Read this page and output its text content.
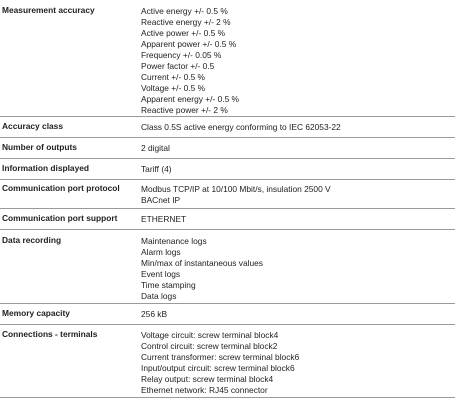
Measurement accuracy	Active energy +/- 0.5 %
Reactive energy +/- 2 %
Active power +/- 0.5 %
Apparent power +/- 0.5 %
Frequency +/- 0.05 %
Power factor +/- 0.5
Current +/- 0.5 %
Voltage +/- 0.5 %
Apparent energy +/- 0.5 %
Reactive power +/- 2 %
Accuracy class	Class 0.5S active energy conforming to IEC 62053-22
Number of outputs	2 digital
Information displayed	Tariff (4)
Communication port protocol	Modbus TCP/IP at 10/100 Mbit/s, insulation 2500 V
BACnet IP
Communication port support	ETHERNET
Data recording	Maintenance logs
Alarm logs
Min/max of instantaneous values
Event logs
Time stamping
Data logs
Memory capacity	256 kB
Connections - terminals	Voltage circuit: screw terminal block4
Control circuit: screw terminal block2
Current transformer: screw terminal block6
Input/output circuit: screw terminal block6
Relay output: screw terminal block4
Ethernet network: RJ45 connector
